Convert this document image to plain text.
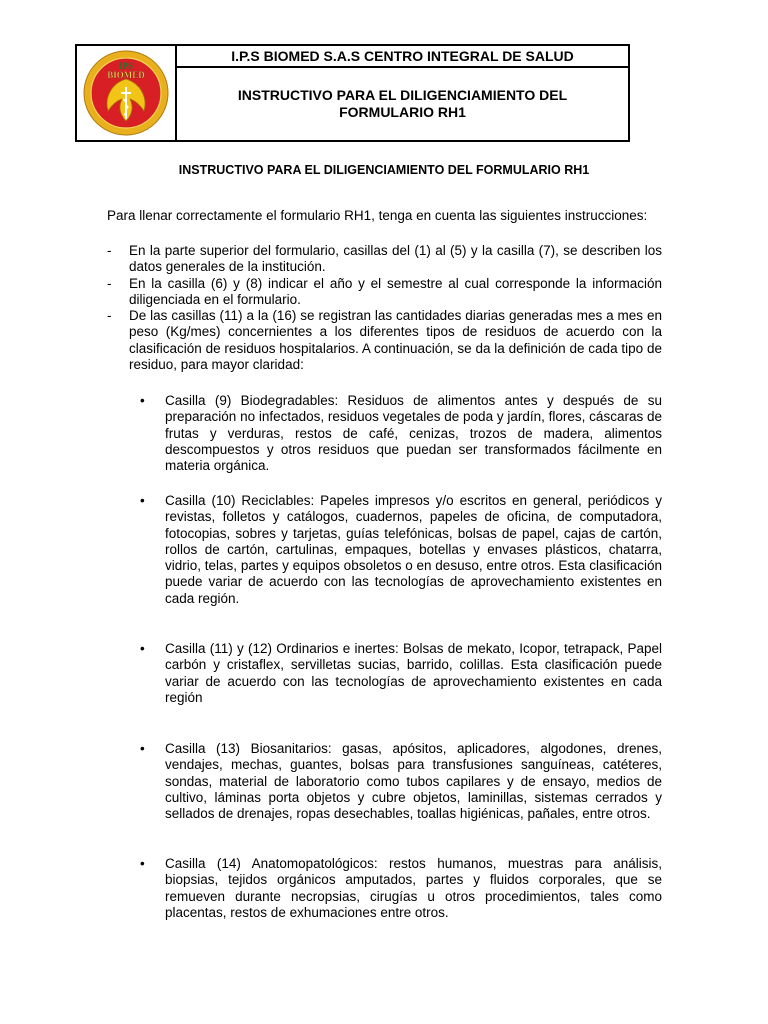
IPS
BIOMED
I.P.S BIOMED S.A.S CENTRO INTEGRAL DE SALUD
INSTRUCTIVO PARA EL DILIGENCIAMIENTO DEL FORMULARIO RH1
INSTRUCTIVO PARA EL DILIGENCIAMIENTO DEL FORMULARIO RH1
Para llenar correctamente el formulario RH1, tenga en cuenta las siguientes instrucciones:
- En la parte superior del formulario, casillas del (1) al (5) y la casilla (7), se describen los datos generales de la institución.
- En la casilla (6) y (8) indicar el año y el semestre al cual corresponde la información diligenciada en el formulario.
- De las casillas (11) a la (16) se registran las cantidades diarias generadas mes a mes en peso (Kg/mes) concernientes a los diferentes tipos de residuos de acuerdo con la clasificación de residuos hospitalarios. A continuación, se da la definición de cada tipo de residuo, para mayor claridad:
• Casilla (9) Biodegradables: Residuos de alimentos antes y después de su preparación no infectados, residuos vegetales de poda y jardín, flores, cáscaras de frutas y verduras, restos de café, cenizas, trozos de madera, alimentos descompuestos y otros residuos que puedan ser transformados fácilmente en materia orgánica.
• Casilla (10) Reciclables: Papeles impresos y/o escritos en general, periódicos y revistas, folletos y catálogos, cuadernos, papeles de oficina, de computadora, fotocopias, sobres y tarjetas, guías telefónicas, bolsas de papel, cajas de cartón, rollos de cartón, cartulinas, empaques, botellas y envases plásticos, chatarra, vidrio, telas, partes y equipos obsoletos o en desuso, entre otros. Esta clasificación puede variar de acuerdo con las tecnologías de aprovechamiento existentes en cada región.
• Casilla (11) y (12) Ordinarios e inertes: Bolsas de mekato, Icopor, tetrapack, Papel carbón y cristaflex, servilletas sucias, barrido, colillas. Esta clasificación puede variar de acuerdo con las tecnologías de aprovechamiento existentes en cada región
• Casilla (13) Biosanitarios: gasas, apósitos, aplicadores, algodones, drenes, vendajes, mechas, guantes, bolsas para transfusiones sanguíneas, catéteres, sondas, material de laboratorio como tubos capilares y de ensayo, medios de cultivo, láminas porta objetos y cubre objetos, laminillas, sistemas cerrados y sellados de drenajes, ropas desechables, toallas higiénicas, pañales, entre otros.
• Casilla (14) Anatomopatológicos: restos humanos, muestras para análisis, biopsias, tejidos orgánicos amputados, partes y fluidos corporales, que se remueven durante necropsias, cirugías u otros procedimientos, tales como placentas, restos de exhumaciones entre otros.
